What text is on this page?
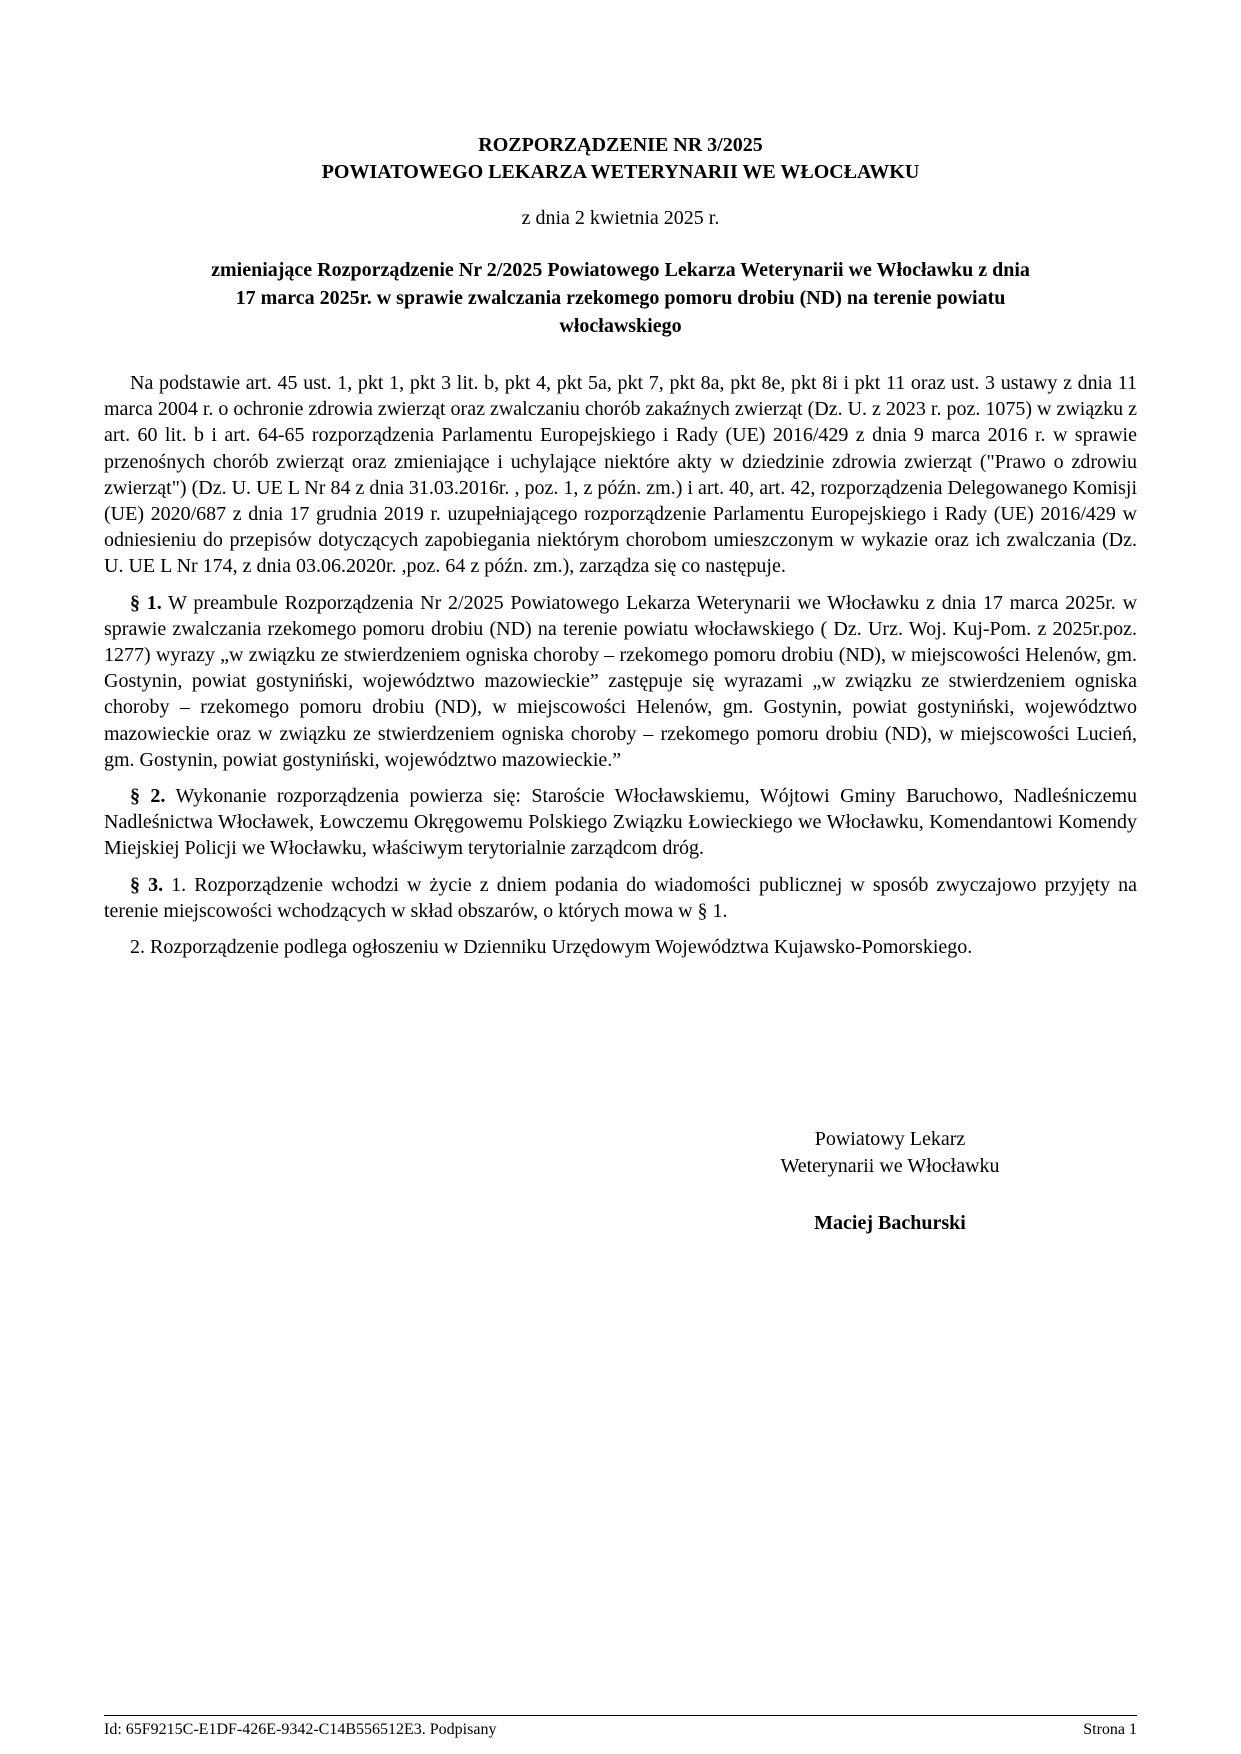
ROZPORZĄDZENIE NR 3/2025
POWIATOWEGO LEKARZA WETERYNARII WE WŁOCŁAWKU
z dnia 2 kwietnia 2025 r.
zmieniające Rozporządzenie Nr 2/2025 Powiatowego Lekarza Weterynarii we Włocławku z dnia
17 marca 2025r. w sprawie zwalczania rzekomego pomoru drobiu (ND) na terenie powiatu
włocławskiego

Na podstawie art. 45 ust. 1, pkt 1, pkt 3 lit. b, pkt 4, pkt 5a, pkt 7, pkt 8a, pkt 8e, pkt 8i i pkt 11 oraz ust. 3 ustawy z dnia 11 marca 2004 r. o ochronie zdrowia zwierząt oraz zwalczaniu chorób zakaźnych zwierząt (Dz. U. z 2023 r. poz. 1075) w związku z art. 60 lit. b i art. 64-65 rozporządzenia Parlamentu Europejskiego i Rady (UE) 2016/429 z dnia 9 marca 2016 r. w sprawie przenośnych chorób zwierząt oraz zmieniające i uchylające niektóre akty w dziedzinie zdrowia zwierząt ("Prawo o zdrowiu zwierząt") (Dz. U. UE L Nr 84 z dnia 31.03.2016r. , poz. 1, z późn. zm.) i art. 40, art. 42, rozporządzenia Delegowanego Komisji (UE) 2020/687 z dnia 17 grudnia 2019 r. uzupełniającego rozporządzenie Parlamentu Europejskiego i Rady (UE) 2016/429 w odniesieniu do przepisów dotyczących zapobiegania niektórym chorobom umieszczonym w wykazie oraz ich zwalczania (Dz. U. UE L Nr 174, z dnia 03.06.2020r. ,poz. 64 z późn. zm.), zarządza się co następuje.

§ 1. W preambule Rozporządzenia Nr 2/2025 Powiatowego Lekarza Weterynarii we Włocławku z dnia 17 marca 2025r. w sprawie zwalczania rzekomego pomoru drobiu (ND) na terenie powiatu włocławskiego ( Dz. Urz. Woj. Kuj-Pom. z 2025r.poz. 1277) wyrazy „w związku ze stwierdzeniem ogniska choroby – rzekomego pomoru drobiu (ND), w miejscowości Helenów, gm. Gostynin, powiat gostyniński, województwo mazowieckie” zastępuje się wyrazami „w związku ze stwierdzeniem ogniska choroby – rzekomego pomoru drobiu (ND), w miejscowości Helenów, gm. Gostynin, powiat gostyniński, województwo mazowieckie oraz w związku ze stwierdzeniem ogniska choroby – rzekomego pomoru drobiu (ND), w miejscowości Lucień, gm. Gostynin, powiat gostyniński, województwo mazowieckie.”

§ 2. Wykonanie rozporządzenia powierza się: Staroście Włocławskiemu, Wójtowi Gminy Baruchowo, Nadleśniczemu Nadleśnictwa Włocławek, Łowczemu Okręgowemu Polskiego Związku Łowieckiego we Włocławku, Komendantowi Komendy Miejskiej Policji we Włocławku, właściwym terytorialnie zarządcom dróg.

§ 3. 1. Rozporządzenie wchodzi w życie z dniem podania do wiadomości publicznej w sposób zwyczajowo przyjęty na terenie miejscowości wchodzących w skład obszarów, o których mowa w § 1.

2. Rozporządzenie podlega ogłoszeniu w Dzienniku Urzędowym Województwa Kujawsko-Pomorskiego.

Powiatowy Lekarz
Weterynarii we Włocławku
Maciej Bachurski
Id: 65F9215C-E1DF-426E-9342-C14B556512E3. Podpisany	Strona 1
